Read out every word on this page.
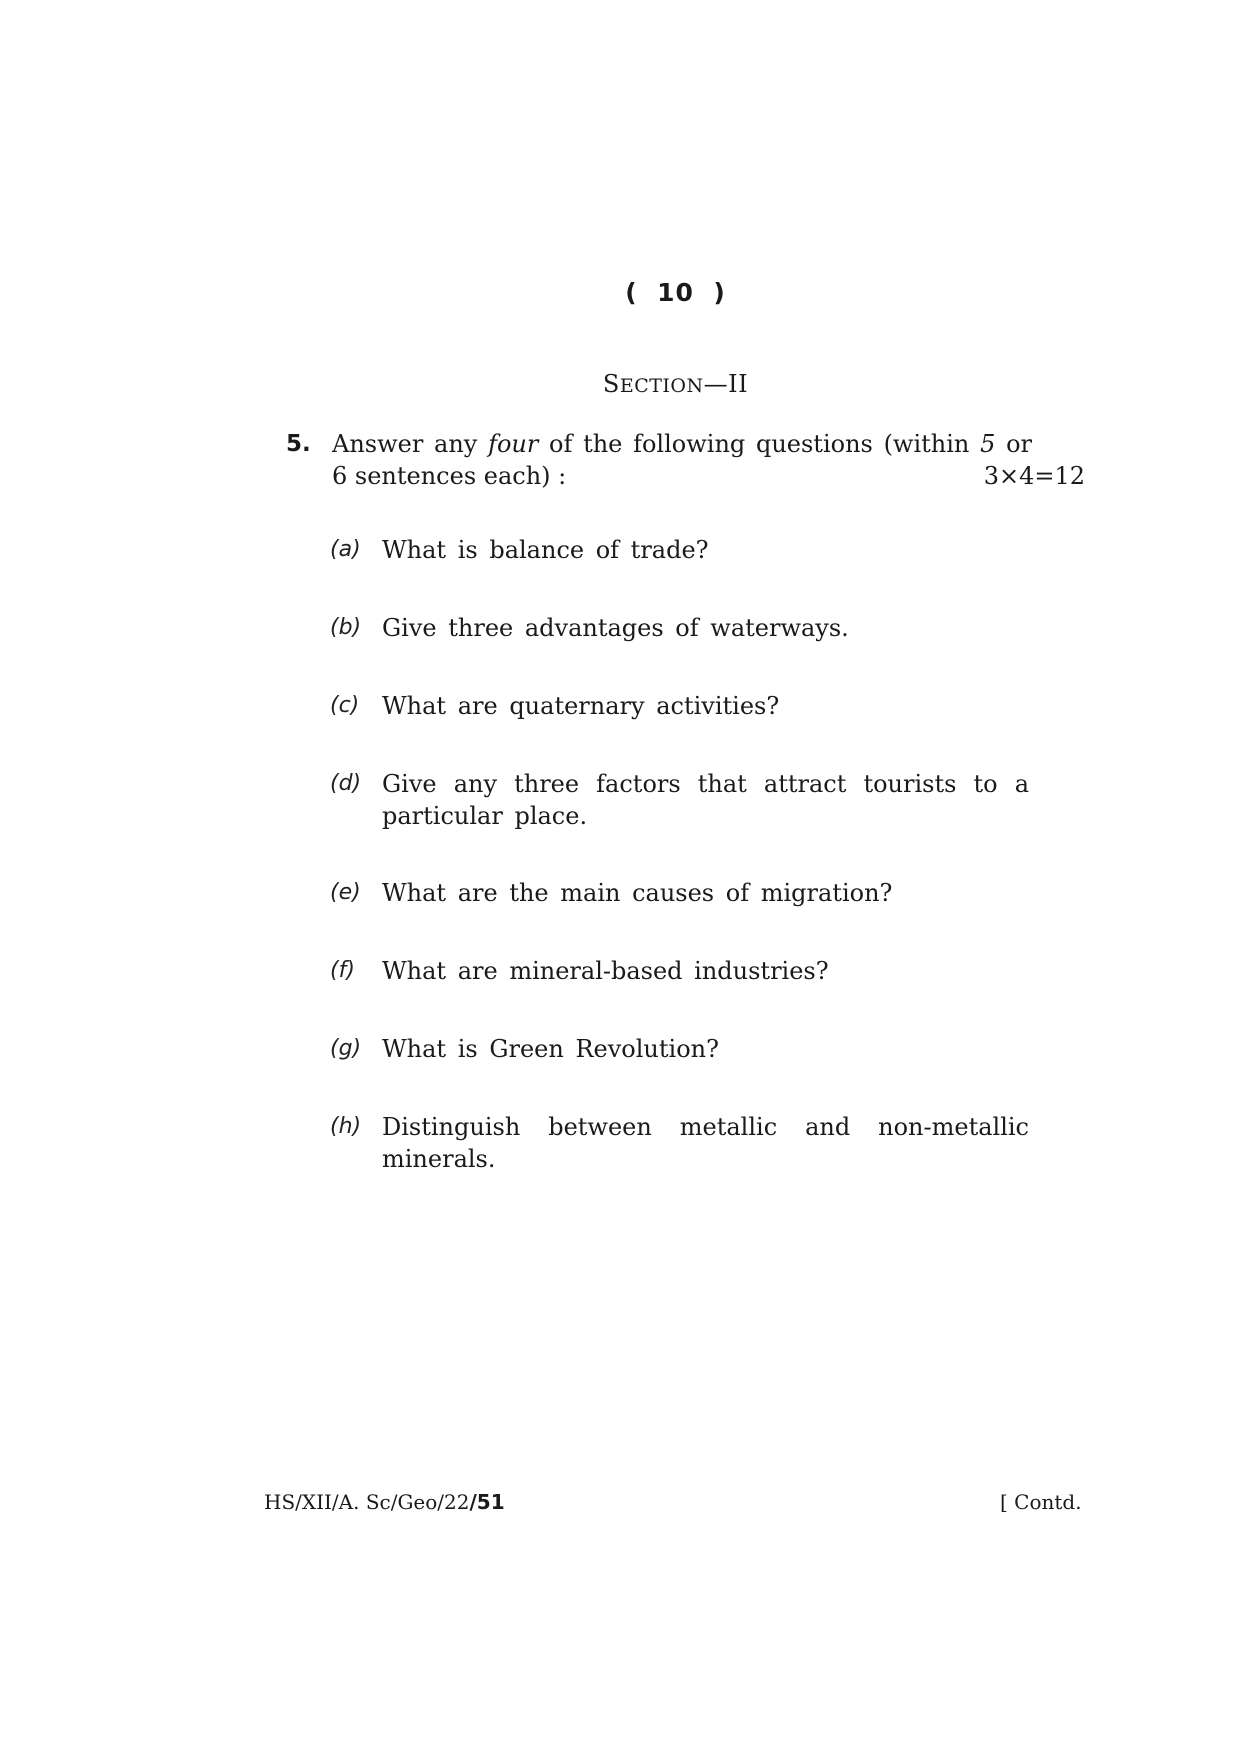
( 10 )
SECTION—II
5. Answer any four of the following questions (within 5 or
6 sentences each) :	3×4=12
(a) What is balance of trade?
(b) Give three advantages of waterways.
(c) What are quaternary activities?
(d) Give any three factors that attract tourists to a
particular place.
(e) What are the main causes of migration?
(f) What are mineral-based industries?
(g) What is Green Revolution?
(h) Distinguish between metallic and non-metallic
minerals.
HS/XII/A. Sc/Geo/22/51	[ Contd.
